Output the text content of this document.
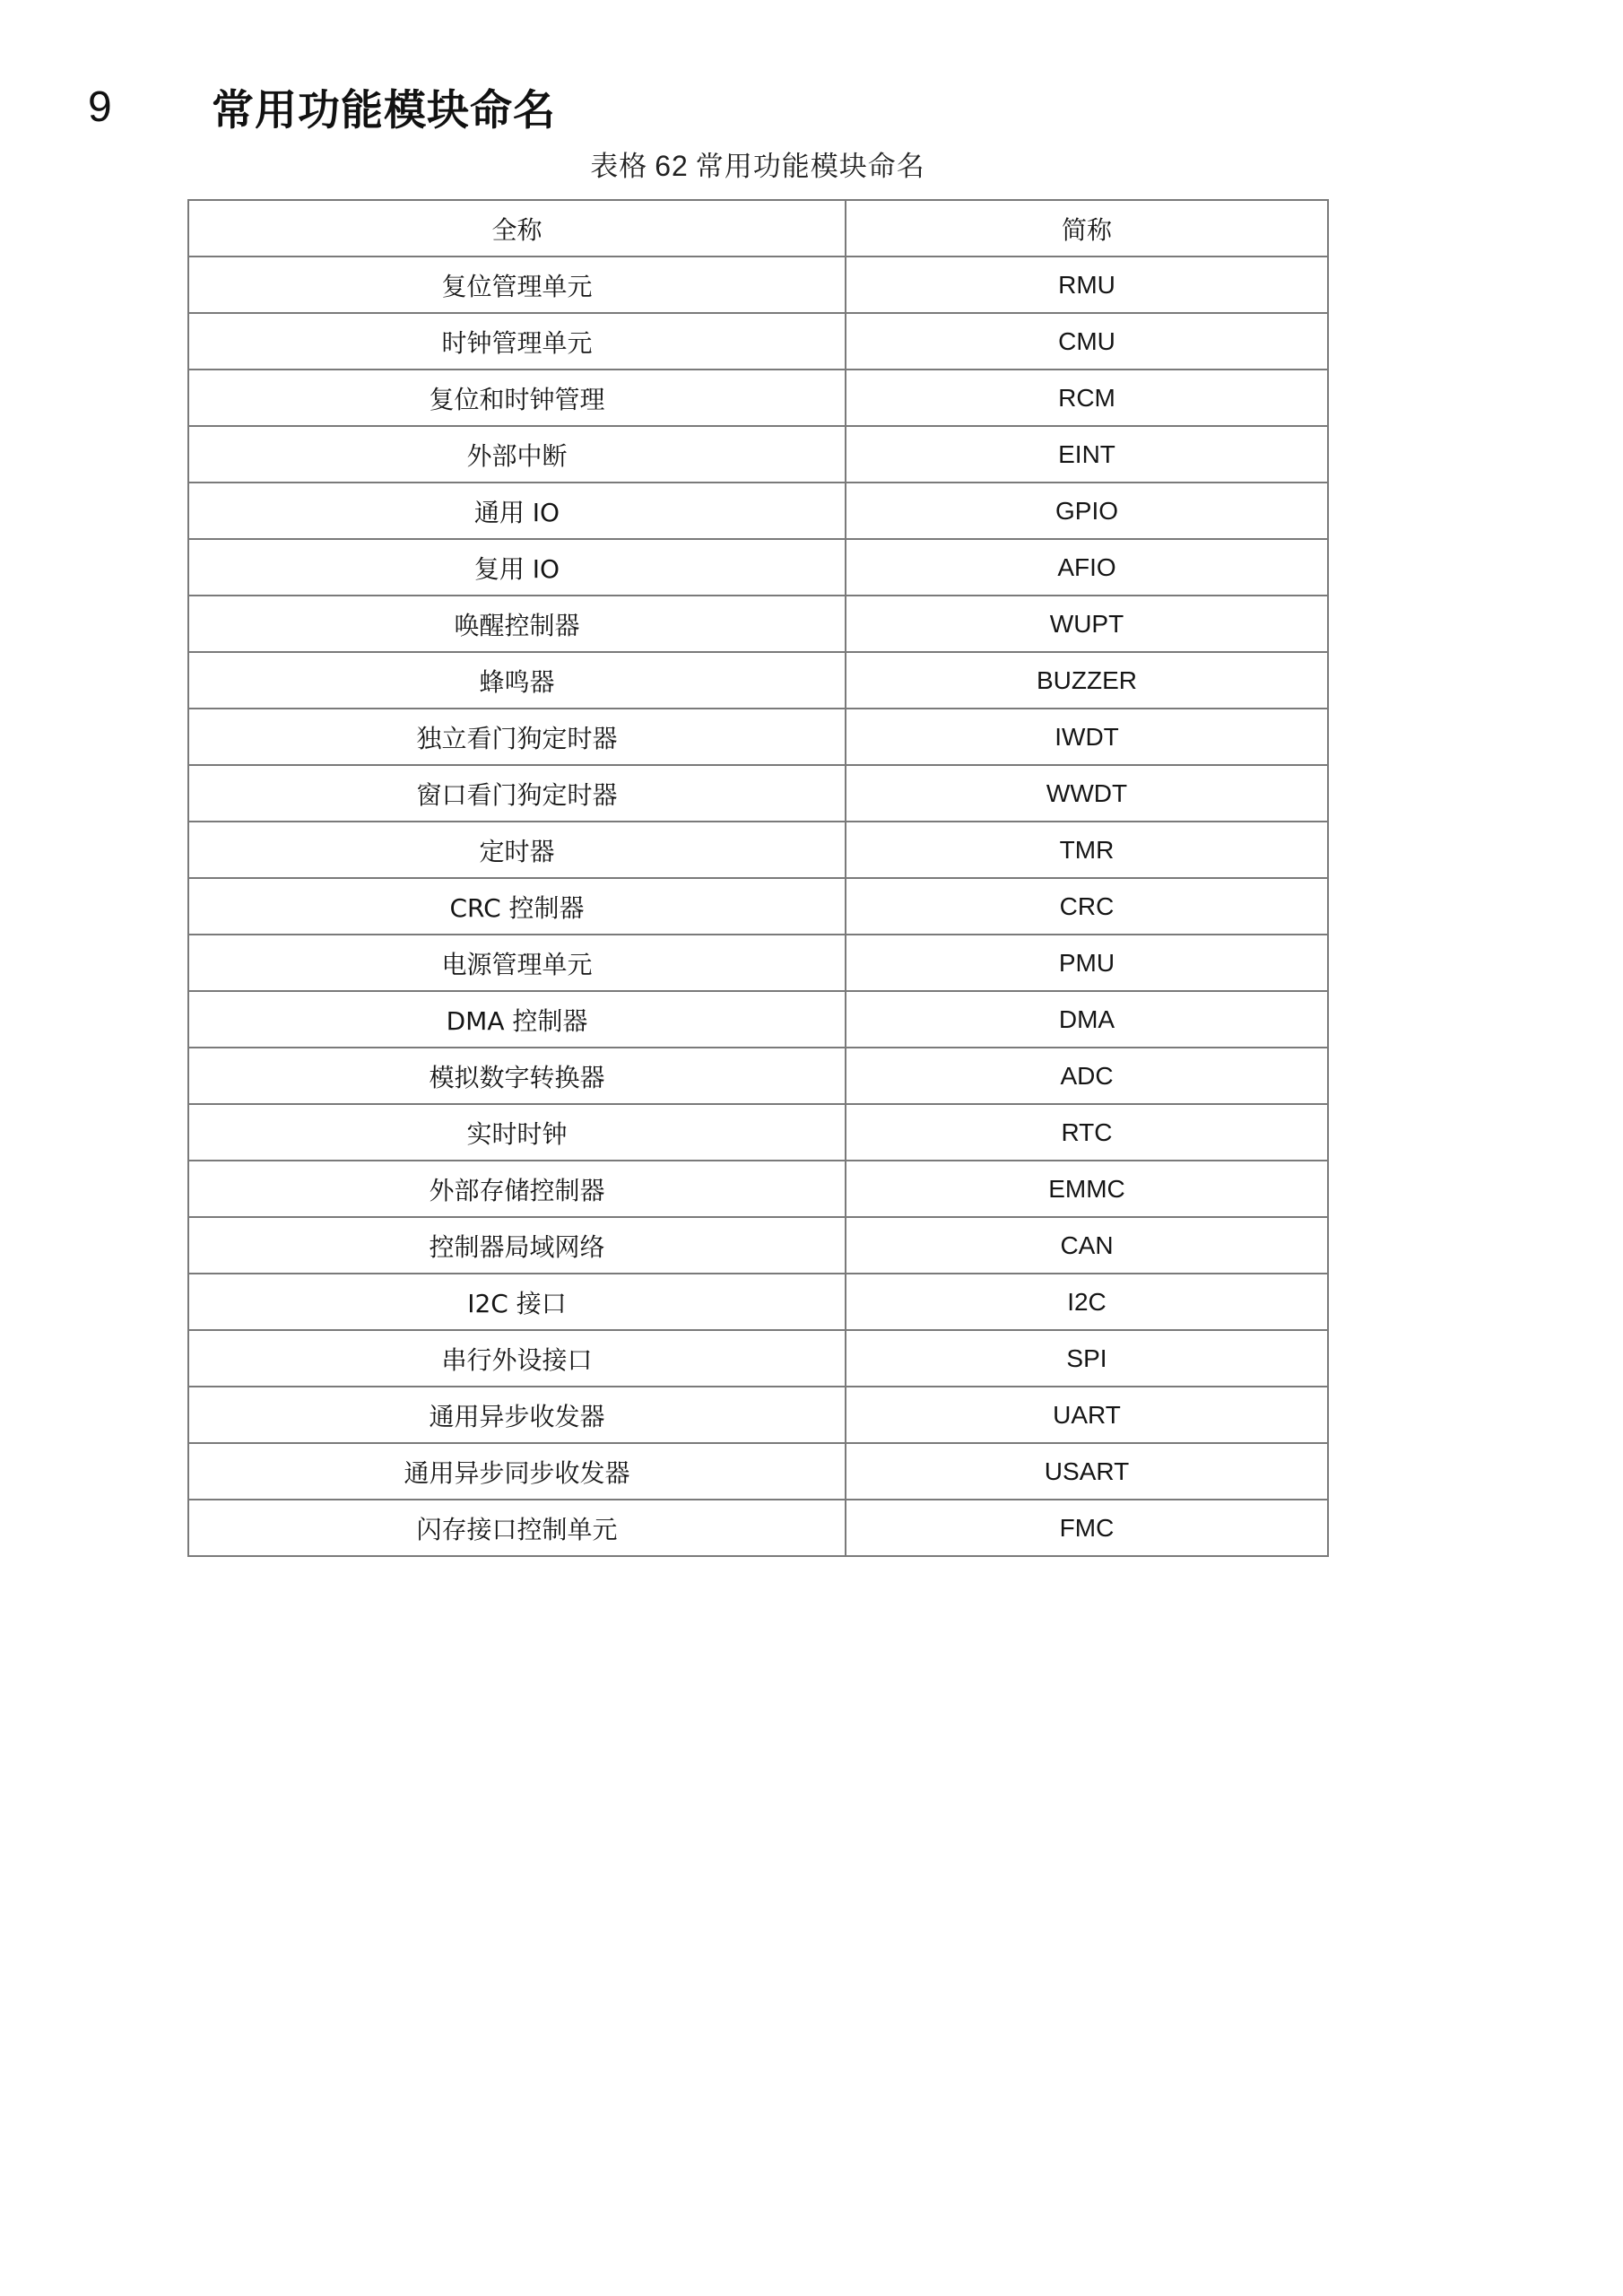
9	常用功能模块命名
表格 62 常用功能模块命名
全称	简称
复位管理单元	RMU
时钟管理单元	CMU
复位和时钟管理	RCM
外部中断	EINT
通用 IO	GPIO
复用 IO	AFIO
唤醒控制器	WUPT
蜂鸣器	BUZZER
独立看门狗定时器	IWDT
窗口看门狗定时器	WWDT
定时器	TMR
CRC 控制器	CRC
电源管理单元	PMU
DMA 控制器	DMA
模拟数字转换器	ADC
实时时钟	RTC
外部存储控制器	EMMC
控制器局域网络	CAN
I2C 接口	I2C
串行外设接口	SPI
通用异步收发器	UART
通用异步同步收发器	USART
闪存接口控制单元	FMC
